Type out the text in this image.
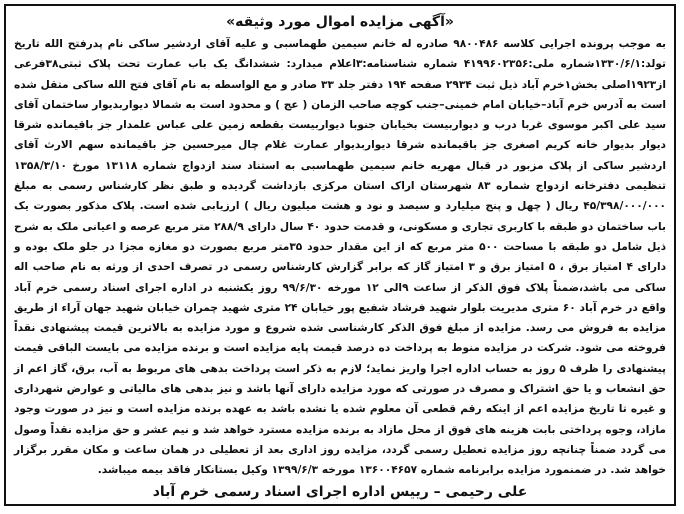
«آگهی مزایده اموال مورد وثیقه»
به موجب پرونده اجرایی کلاسه ۹۸۰۰۴۸۶ صادره له خانم سیمین طهماسبی و علیه آقای اردشیر ساکی نام پدرفتح الله تاریخ تولد:۱۳۳۰/۶/۱شماره ملی:۴۱۹۹۶۰۲۳۵۶ شماره شناسنامه:۳اعلام میدارد: ششدانگ یک باب عمارت تحت پلاک ثبتی۳۸فرعی از۱۹۲۳اصلی بخش۱خرم آباد ذیل ثبت ۲۹۳۴ صفحه ۱۹۴ دفتر جلد ۳۳ صادر و مع الواسطه به نام آقای فتح الله ساکی متقل شده است به آدرس خرم آباد–خیابان امام خمینی–جنب کوچه صاحب الزمان ( عج ) و محدود است به شمالا دیواربدیوار ساختمان آقای سید علی اکبر موسوی غربا درب و دیواربیست بخیابان جنوبا دیواربیست بقطعه زمین علی عباس علمدار جز باقیمانده شرقا دیوار بدیوار خانه کریم اصغری جز باقیمانده شرقا دیواربدیوار عمارت غلام چال میرحسین جز باقیمانده سهم الارث آقای اردشیر ساکی از پلاک مزبور در قبال مهریه خانم سیمین طهماسبی به استناد سند ازدواج شماره ۱۳۱۱۸ مورخ ۱۳۵۸/۳/۱۰ تنظیمی دفترخانه ازدواج شماره ۸۳ شهرستان اراک استان مرکزی بازداشت گردیده و طبق نظر کارشناس رسمی به مبلغ ۴۵/۳۹۸/۰۰۰/۰۰۰ ریال ( چهل و پنج میلیارد و سیصد و نود و هشت میلیون ریال ) ارزیابی شده است. پلاک مذکور بصورت یک باب ساختمان دو طبقه با کاربری تجاری و مسکونی، و قدمت حدود ۴۰ سال دارای ۲۸۸/۹ متر مربع عرصه و اعیانی ملک به شرح ذیل شامل دو طبقه با مساحت ۵۰۰ متر مربع که از این مقدار حدود ۳۵متر مربع بصورت دو مغازه مجزا در جلو ملک بوده و دارای ۴ امتیاز برق ، ۵ امتیاز برق و ۳ امتیاز گاز که برابر گزارش کارشناس رسمی در تصرف احدی از ورثه به نام صاحب اله ساکی می باشد،ضمناً پلاک فوق الذکر از ساعت ۹الی ۱۲ مورخه ۹۹/۶/۳۰ روز یکشنبه در اداره اجرای اسناد رسمی خرم آباد واقع در خرم آباد ۶۰ متری مدیریت بلوار شهید فرشاد شفیع پور خیابان ۲۴ متری شهید چمران خیابان شهید جهان آراء از طریق مزایده به فروش می رسد. مزایده از مبلغ فوق الذکر کارشناسی شده شروع و مورد مزایده به بالاترین قیمت پیشنهادی نقداً فروخته می شود. شرکت در مزایده منوط به پرداخت ده درصد قیمت پایه مزایده است و برنده مزایده می بایست الباقی قیمت پیشنهادی را ظرف ۵ روز به حساب اداره اجرا واریز نماید؛ لازم به ذکر است پرداخت بدهی های مربوط به آب، برق، گاز اعم از حق انشعاب و یا حق اشتراک و مصرف در صورتی که مورد مزایده دارای آنها باشد و نیز بدهی های مالیاتی و عوارض شهرداری و غیره تا تاریخ مزایده اعم از اینکه رقم قطعی آن معلوم شده یا نشده باشد به عهده برنده مزایده است و نیز در صورت وجود مازاد، وجوه پرداختی بابت هزینه های فوق از محل مازاد به برنده مزایده مسترد خواهد شد و نیم عشر و حق مزایده نقداً وصول می گردد ضمناً چنانچه روز مزایده تعطیل رسمی گردد، مزایده روز اداری بعد از تعطیلی در همان ساعت و مکان مقرر برگزار خواهد شد. در ضمنمورد مزایده برابرنامه شماره ۱۳۶۰۰۴۶۵۷ مورخه ۱۳۹۹/۶/۳ وکیل بستانکار فاقد بیمه میباشد.
علی رحیمی – رییس اداره اجرای اسناد رسمی خرم آباد
